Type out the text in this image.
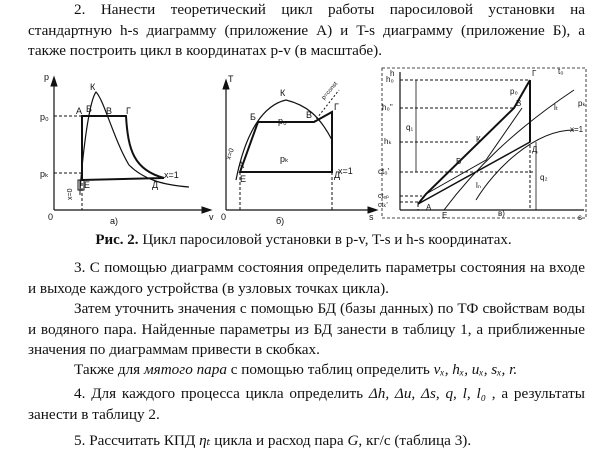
2. Нанести теоретический цикл работы паросиловой установки на стандартную h-s диаграмму (приложение А) и T-s диаграмму (приложение Б), а также построить цикл в координатах p-v (в масштабе).
p
v
p₀
pₖ
0
К
А Б В Г
Д
Е
x=1
x=0
а)
T
s
0
К
Б	В
Г
Д
А
Е
p₀
pₖ
x=1
x=0
p=const
б)
h
s
h₀
h₀''
hₖ
ct₀'
ctₑₚ
ctₖ'
q₁
q₂
lₜ
lₙ
p₀
pₖ
t₀
x=1
А
Б
В
Г
Д
Е
К
в)
Рис. 2. Цикл паросиловой установки в p-v, T-s и h-s координатах.
3. С помощью диаграмм состояния определить параметры состояния на входе и выходе каждого устройства (в узловых точках цикла).
Затем уточнить значения с помощью БД (базы данных) по ТФ свойствам воды и водяного пара. Найденные параметры из БД занести в таблицу 1, а приближенные значения по диаграммам привести в скобках.
Также для мятого пара с помощью таблиц определить vₓ, hₓ, uₓ, sₓ, r.
4. Для каждого процесса цикла определить Δh, Δu, Δs, q, l, l₀ , а результаты занести в таблицу 2.
5. Рассчитать КПД ηₜ цикла и расход пара G, кг/с (таблица 3).
